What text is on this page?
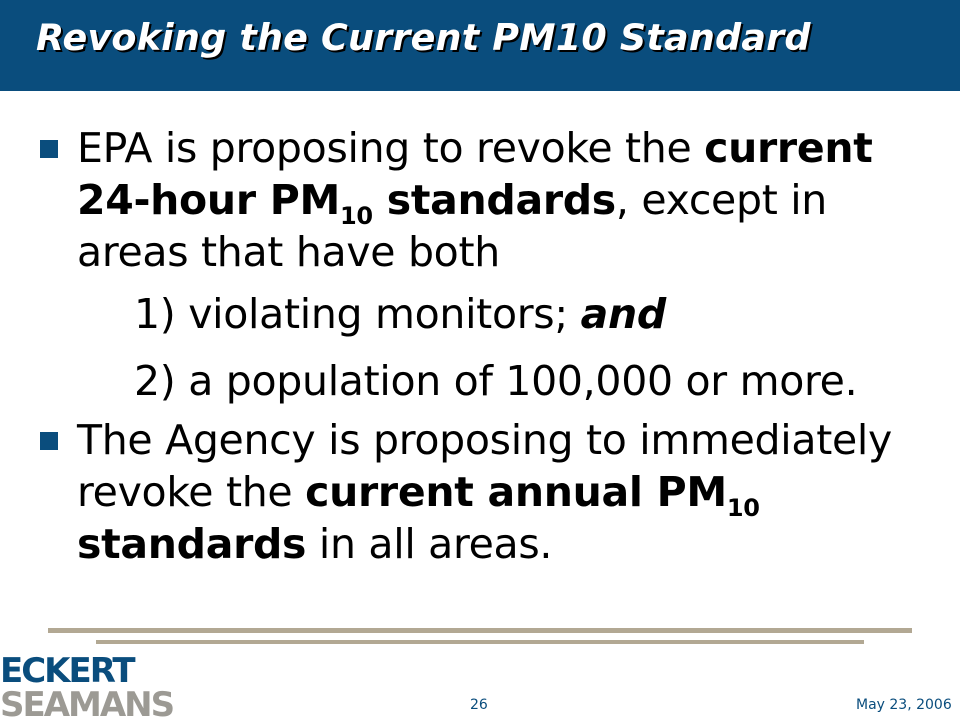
Revoking the Current PM10 Standard

EPA is proposing to revoke the current

24-hour $PM_{10}$ standards, except in

areas that have both

1) violating monitors; and

2) a population of 100,000 or more.

The Agency is proposing to immediately

revoke the current annual $PM_{10}$

standards in all areas.

ECKERT
SEAMANS	26	May 23, 2006
